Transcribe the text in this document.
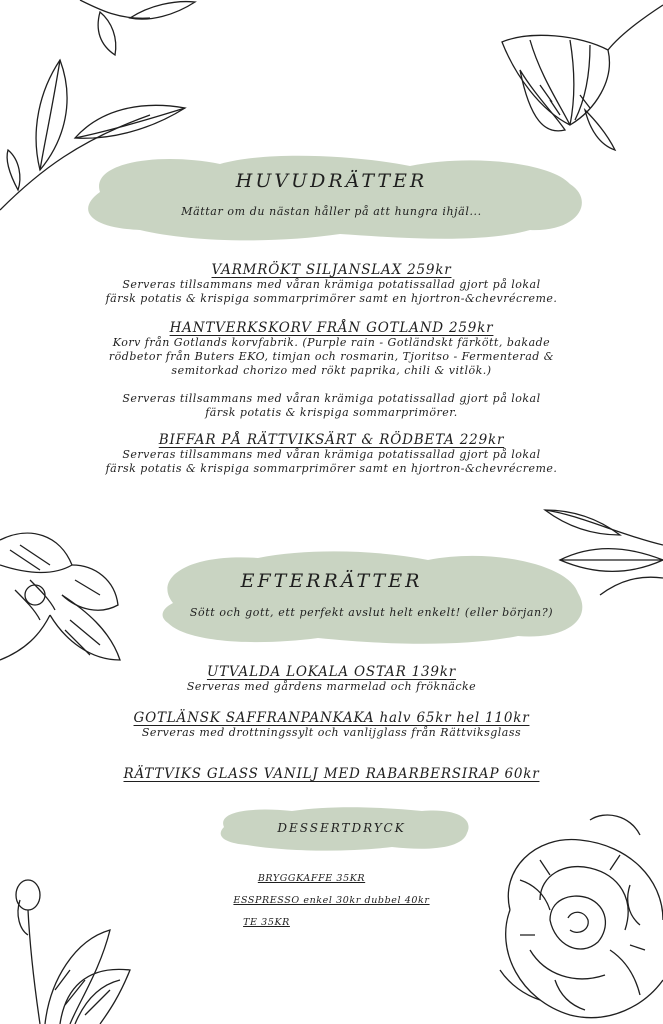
HUVUDRÄTTER
Mättar om du nästan håller på att hungra ihjäl...
VARMRÖKT SILJANSLAX 259kr
Serveras tillsammans med våran krämiga potatissallad gjort på lokal
färsk potatis & krispiga sommarprimörer samt en hjortron-&chevrécreme.
HANTVERKSKORV FRÅN GOTLAND 259kr
Korv från Gotlands korvfabrik. (Purple rain - Gotländskt färkött, bakade
rödbetor från Buters EKO, timjan och rosmarin, Tjoritso - Fermenterad &
semitorkad chorizo med rökt paprika, chili & vitlök.)
Serveras tillsammans med våran krämiga potatissallad gjort på lokal
färsk potatis & krispiga sommarprimörer.
BIFFAR PÅ RÄTTVIKSÄRT & RÖDBETA 229kr
Serveras tillsammans med våran krämiga potatissallad gjort på lokal
färsk potatis & krispiga sommarprimörer samt en hjortron-&chevrécreme.
EFTERRÄTTER
Sött och gott, ett perfekt avslut helt enkelt! (eller början?)
UTVALDA LOKALA OSTAR 139kr
Serveras med gårdens marmelad och fröknäcke
GOTLÄNSK SAFFRANPANKAKA halv 65kr hel 110kr
Serveras med drottningssylt och vanlijglass från Rättviksglass
RÄTTVIKS GLASS VANILJ MED RABARBERSIRAP 60kr
DESSERTDRYCK
BRYGGKAFFE 35KR
ESSPRESSO enkel 30kr dubbel 40kr
TE 35KR
